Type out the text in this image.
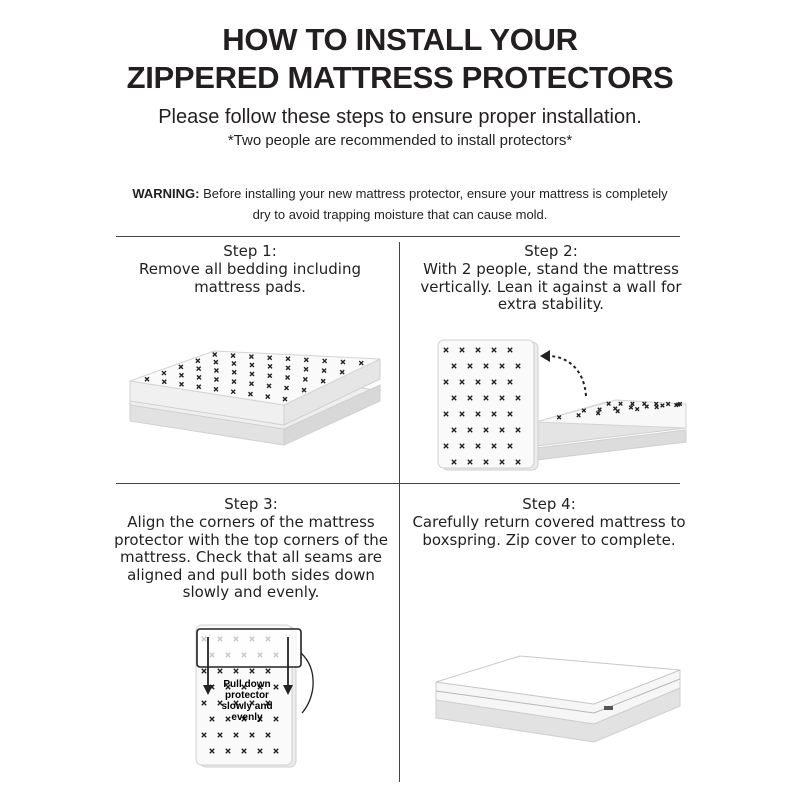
HOW TO INSTALL YOUR
ZIPPERED MATTRESS PROTECTORS
Please follow these steps to ensure proper installation.
*Two people are recommended to install protectors*
WARNING: Before installing your new mattress protector, ensure your mattress is completely dry to avoid trapping moisture that can cause mold.
Step 1:
Remove all bedding including mattress pads.
Step 2:
With 2 people, stand the mattress vertically. Lean it against a wall for extra stability.
Step 3:
Align the corners of the mattress protector with the top corners of the mattress. Check that all seams are aligned and pull both sides down slowly and evenly.
Pull down
protector
slowly and
evenly
Step 4:
Carefully return covered mattress to boxspring. Zip cover to complete.
